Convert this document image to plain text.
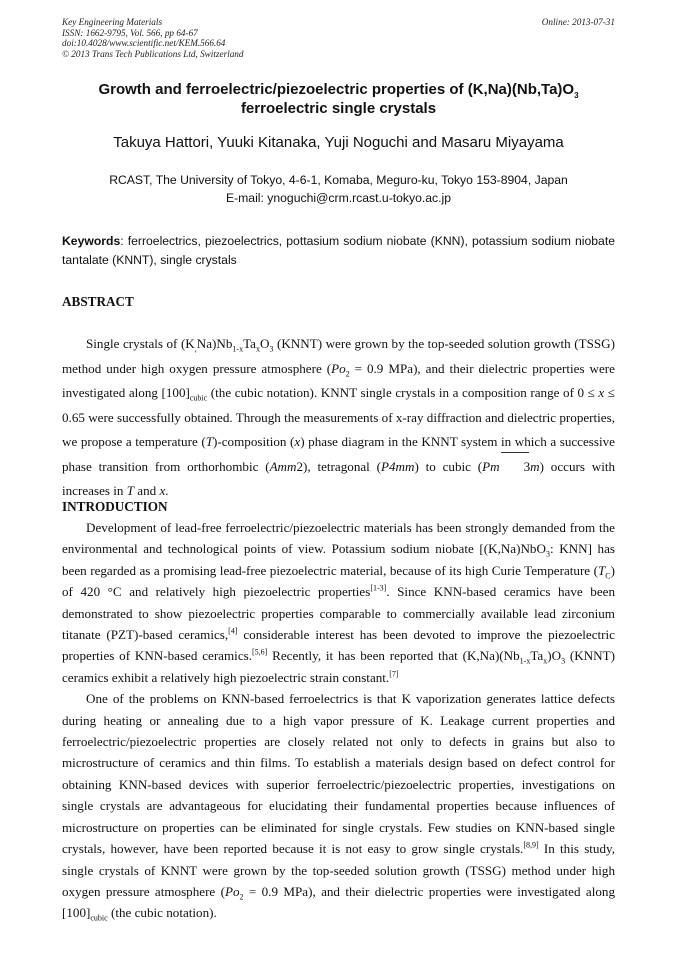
Key Engineering Materials
ISSN: 1662-9795, Vol. 566, pp 64-67
doi:10.4028/www.scientific.net/KEM.566.64
© 2013 Trans Tech Publications Ltd, Switzerland
Online: 2013-07-31
Growth and ferroelectric/piezoelectric properties of $(K,Na)(Nb,Ta)O_3$
ferroelectric single crystals
Takuya Hattori, Yuuki Kitanaka, Yuji Noguchi and Masaru Miyayama
RCAST, The University of Tokyo, 4-6-1, Komaba, Meguro-ku, Tokyo 153-8904, Japan
E-mail: ynoguchi@crm.rcast.u-tokyo.ac.jp
Keywords: ferroelectrics, piezoelectrics, pottasium sodium niobate (KNN), potassium sodium niobate tantalate (KNNT), single crystals
ABSTRACT

Single crystals of $(K_,Na)Nb_{1-x}Ta_xO_3$ (KNNT) were grown by the top-seeded solution growth (TSSG) method under high oxygen pressure atmosphere ($Po_2 = 0.9$ MPa), and their dielectric properties were investigated along $[100]_{cubic}$ (the cubic notation). KNNT single crystals in a composition range of 0 ≤ x ≤ 0.65 were successfully obtained. Through the measurements of x-ray diffraction and dielectric properties, we propose a temperature (T)-composition (x) phase diagram in the KNNT system in which a successive phase transition from orthorhombic (Amm2), tetragonal (P4mm) to cubic (Pm 3m) occurs with increases in T and x.

INTRODUCTION

Development of lead-free ferroelectric/piezoelectric materials has been strongly demanded from the environmental and technological points of view. Potassium sodium niobate [(K,Na)NbO$_3$: KNN] has been regarded as a promising lead-free piezoelectric material, because of its high Curie Temperature $(T_C)$ of 420 °C and relatively high piezoelectric properties[1-3]. Since KNN-based ceramics have been demonstrated to show piezoelectric properties comparable to commercially available lead zirconium titanate (PZT)-based ceramics,[4] considerable interest has been devoted to improve the piezoelectric properties of KNN-based ceramics.[5,6] Recently, it has been reported that $(K,Na)(Nb_{1-x}Ta_x)O_3$ (KNNT) ceramics exhibit a relatively high piezoelectric strain constant.[7]

One of the problems on KNN-based ferroelectrics is that K vaporization generates lattice defects during heating or annealing due to a high vapor pressure of K. Leakage current properties and ferroelectric/piezoelectric properties are closely related not only to defects in grains but also to microstructure of ceramics and thin films. To establish a materials design based on defect control for obtaining KNN-based devices with superior ferroelectric/piezoelectric properties, investigations on single crystals are advantageous for elucidating their fundamental properties because influences of microstructure on properties can be eliminated for single crystals. Few studies on KNN-based single crystals, however, have been reported because it is not easy to grow single crystals.[8,9] In this study, single crystals of KNNT were grown by the top-seeded solution growth (TSSG) method under high oxygen pressure atmosphere ($Po_2 = 0.9$ MPa), and their dielectric properties were investigated along $[100]_{cubic}$ (the cubic notation).
